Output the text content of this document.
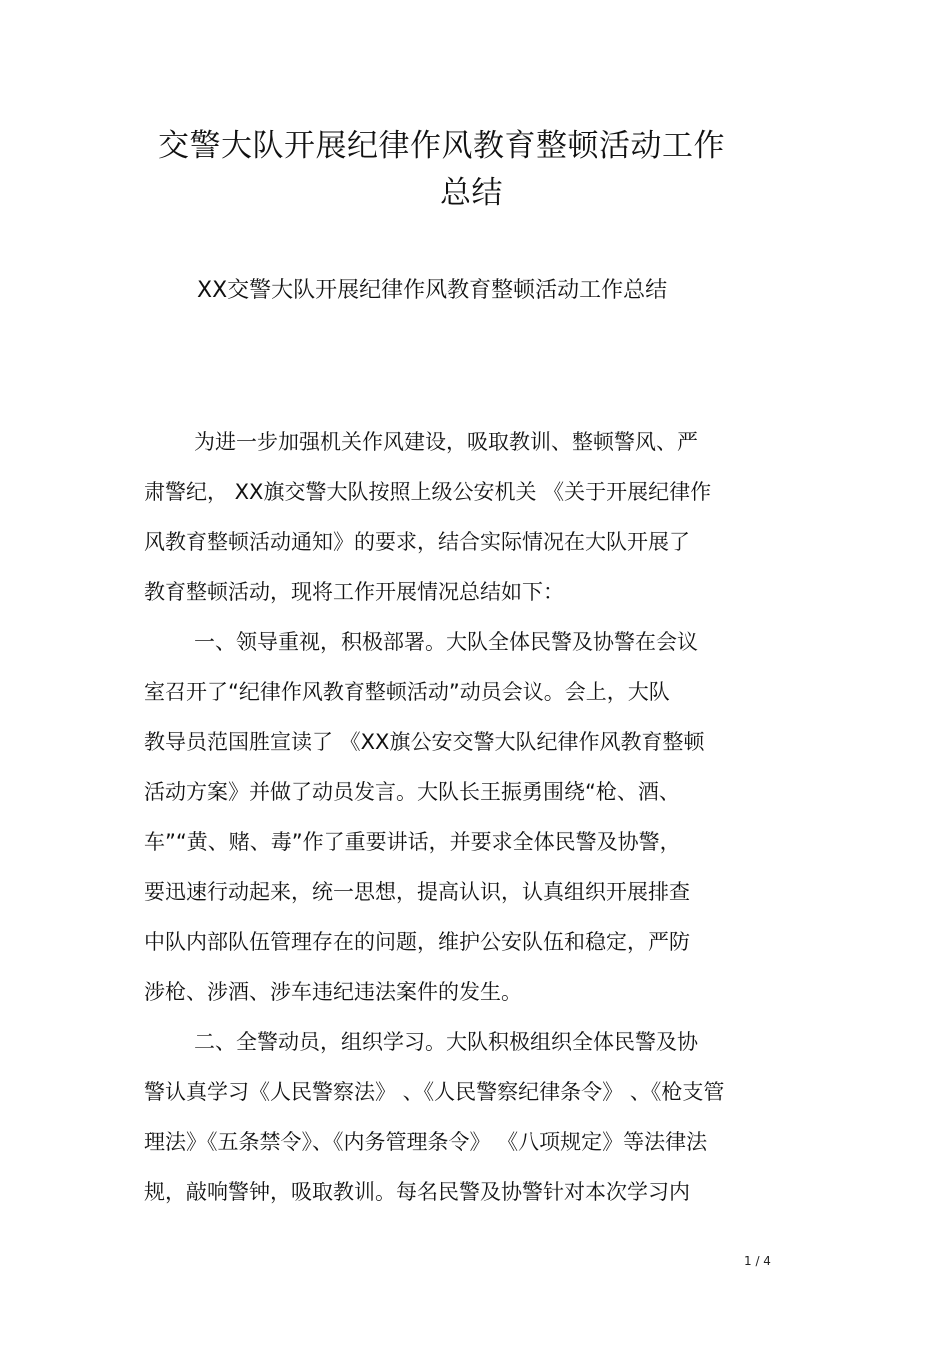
交警大队开展纪律作风教育整顿活动工作
总结
XX交警大队开展纪律作风教育整顿活动工作总结
为进一步加强机关作风建设，吸取教训、整顿警风、严
肃警纪， XX旗交警大队按照上级公安机关 《关于开展纪律作
风教育整顿活动通知》的要求，结合实际情况在大队开展了
教育整顿活动，现将工作开展情况总结如下：
一、领导重视，积极部署。大队全体民警及协警在会议
室召开了“纪律作风教育整顿活动”动员会议。会上，大队
教导员范国胜宣读了 《XX旗公安交警大队纪律作风教育整顿
活动方案》并做了动员发言。大队长王振勇围绕“枪、酒、
车”“黄、赌、毒”作了重要讲话，并要求全体民警及协警，
要迅速行动起来，统一思想，提高认识，认真组织开展排查
中队内部队伍管理存在的问题，维护公安队伍和稳定，严防
涉枪、涉酒、涉车违纪违法案件的发生。
二、全警动员，组织学习。大队积极组织全体民警及协
警认真学习《人民警察法》 、《人民警察纪律条令》 、《枪支管
理法》《五条禁令》、《内务管理条令》 《八项规定》等法律法
规，敲响警钟，吸取教训。每名民警及协警针对本次学习内
1 / 4
